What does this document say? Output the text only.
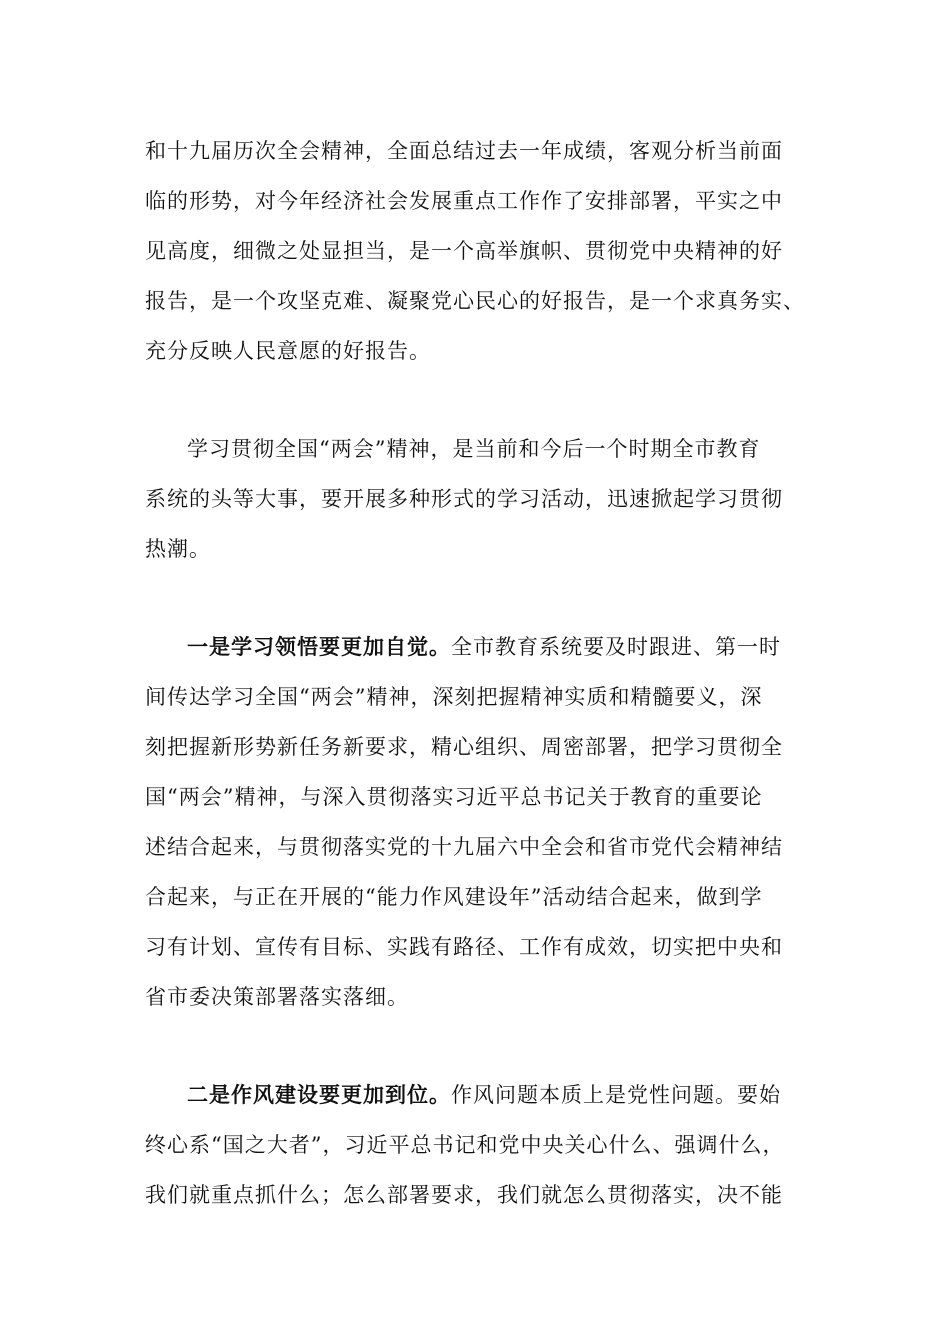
和十九届历次全会精神，全面总结过去一年成绩，客观分析当前面
临的形势，对今年经济社会发展重点工作作了安排部署，平实之中
见高度，细微之处显担当，是一个高举旗帜、贯彻党中央精神的好
报告，是一个攻坚克难、凝聚党心民心的好报告，是一个求真务实、
充分反映人民意愿的好报告。
学习贯彻全国“两会”精神，是当前和今后一个时期全市教育
系统的头等大事，要开展多种形式的学习活动，迅速掀起学习贯彻
热潮。
一是学习领悟要更加自觉。全市教育系统要及时跟进、第一时
间传达学习全国“两会”精神，深刻把握精神实质和精髓要义，深
刻把握新形势新任务新要求，精心组织、周密部署，把学习贯彻全
国“两会”精神，与深入贯彻落实习近平总书记关于教育的重要论
述结合起来，与贯彻落实党的十九届六中全会和省市党代会精神结
合起来，与正在开展的“能力作风建设年”活动结合起来，做到学
习有计划、宣传有目标、实践有路径、工作有成效，切实把中央和
省市委决策部署落实落细。
二是作风建设要更加到位。作风问题本质上是党性问题。要始
终心系“国之大者”，习近平总书记和党中央关心什么、强调什么，
我们就重点抓什么；怎么部署要求，我们就怎么贯彻落实，决不能
